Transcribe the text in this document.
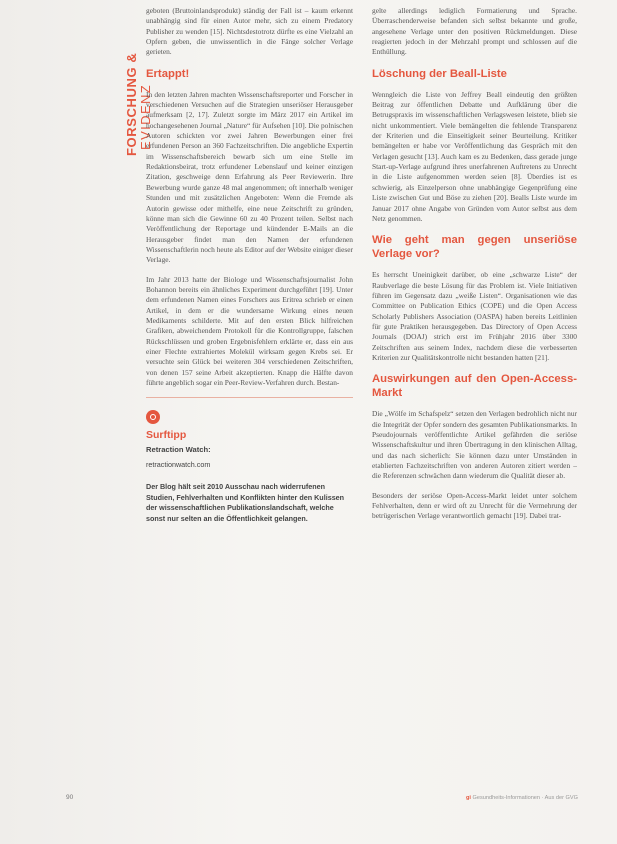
FORSCHUNG & EVIDENZ

geboten (Bruttoinlandsprodukt) ständig der Fall ist – kaum erkennt unabhängig sind für einen Autor mehr, sich zu einem Predatory Publisher zu wenden [15]. Nichtsdestotrotz dürfte es eine Vielzahl an Opfern geben, die unwissentlich in die Fänge solcher Verlage gerieten.

Ertappt!

In den letzten Jahren machten Wissenschaftsreporter und Forscher in verschiedenen Versuchen auf die Strategien unseriöser Herausgeber aufmerksam [2, 17]. Zuletzt sorgte im März 2017 ein Artikel im hochangesehenen Journal „Nature“ für Aufsehen [10]. Die polnischen Autoren schickten vor zwei Jahren Bewerbungen einer frei erfundenen Person an 360 Fachzeitschriften. Die angebliche Expertin im Wissenschaftsbereich bewarb sich um eine Stelle im Redaktionsbeirat, trotz erfundener Lebenslauf und keiner einzigen Zitation, geschweige denn Erfahrung als Peer Reviewerin. Ihre Bewerbung wurde ganze 48 mal angenommen; oft innerhalb weniger Stunden und mit zusätzlichen Angeboten: Wenn die Fremde als Autorin gewisse oder mithelfe, eine neue Zeitschrift zu gründen, könne man sich die Gewinne 60 zu 40 Prozent teilen. Selbst nach Veröffentlichung der Reportage und kündender E-Mails an die Herausgeber findet man den Namen der erfundenen Wissenschaftlerin noch heute als Editor auf der Website einiger dieser Verlage.

Im Jahr 2013 hatte der Biologe und Wissenschaftsjournalist John Bohannon bereits ein ähnliches Experiment durchgeführt [19]. Unter dem erfundenen Namen eines Forschers aus Eritrea schrieb er einen Artikel, in dem er die wundersame Wirkung eines neuen Medikaments schilderte. Mit auf den ersten Blick hilfreichen Grafiken, abweichendem Protokoll für die Kontrollgruppe, falschen Rückschlüssen und groben Ergebnisfehlern erklärte er, dass ein aus einer Flechte extrahiertes Molekül wirksam gegen Krebs sei. Er versuchte sein Glück bei weiteren 304 verschiedenen Zeitschriften, von denen 157 seine Arbeit akzeptierten. Knapp die Hälfte davon führte angeblich sogar ein Peer-Review-Verfahren durch. Bestan-

Surftipp
Retraction Watch:
retractionwatch.com
Der Blog hält seit 2010 Ausschau nach widerrufenen Studien, Fehlverhalten und Konflikten hinter den Kulissen der wissenschaftlichen Publikationslandschaft, welche sonst nur selten an die Öffentlichkeit gelangen.

gelte allerdings lediglich Formatierung und Sprache. Überraschenderweise befanden sich selbst bekannte und große, angesehene Verlage unter den positiven Rückmeldungen. Diese reagierten jedoch in der Mehrzahl prompt und schlossen auf die Enthüllung.

Löschung der Beall-Liste

Wenngleich die Liste von Jeffrey Beall eindeutig den größten Beitrag zur öffentlichen Debatte und Aufklärung über die Betrugspraxis im wissenschaftlichen Verlagswesen leistete, blieb sie nicht unkommentiert. Viele bemängelten die fehlende Transparenz der Kriterien und die Einseitigkeit seiner Beurteilung. Kritiker bemängelten er habe vor Veröffentlichung das Gespräch mit den Verlagen gesucht [13]. Auch kam es zu Bedenken, dass gerade junge Start-up-Verlage aufgrund ihres unerfahrenen Auftretens zu Unrecht in die Liste aufgenommen werden seien [8]. Überdies ist es schwierig, als Einzelperson ohne unabhängige Gegenprüfung eine Liste zwischen Gut und Böse zu ziehen [20]. Bealls Liste wurde im Januar 2017 ohne Angabe von Gründen vom Autor selbst aus dem Netz genommen.

Wie geht man gegen unseriöse Verlage vor?

Es herrscht Uneinigkeit darüber, ob eine „schwarze Liste“ der Raubverlage die beste Lösung für das Problem ist. Viele Initiativen führen im Gegensatz dazu „weiße Listen“. Organisationen wie das Committee on Publication Ethics (COPE) und die Open Access Scholarly Publishers Association (OASPA) haben bereits Leitlinien für gute Praktiken herausgegeben. Das Directory of Open Access Journals (DOAJ) strich erst im Frühjahr 2016 über 3300 Zeitschriften aus seinem Index, nachdem diese die verbesserten Kriterien zur Qualitätskontrolle nicht bestanden hatten [21].

Auswirkungen auf den Open-Access-Markt

Die „Wölfe im Schafspelz“ setzen den Verlagen bedrohlich nicht nur die Integrität der Opfer sondern des gesamten Publikationsmarkts. In Pseudojournals veröffentlichte Artikel gefährden die seriöse Wissenschaftskultur und ihren Übertragung in den klinischen Alltag, und das nach sicherlich: Sie können dazu unter Umständen in etablierten Fachzeitschriften von anderen Autoren zitiert werden – die Referenzen schwächen dann wiederum die Qualität dieser ab.

Besonders der seriöse Open-Access-Markt leidet unter solchem Fehlverhalten, denn er wird oft zu Unrecht für die Vermehrung der betrügerischen Verlage verantwortlich gemacht [19]. Dabei trat-

90	gi Gesundheits-Informationen · Aus der GVG
